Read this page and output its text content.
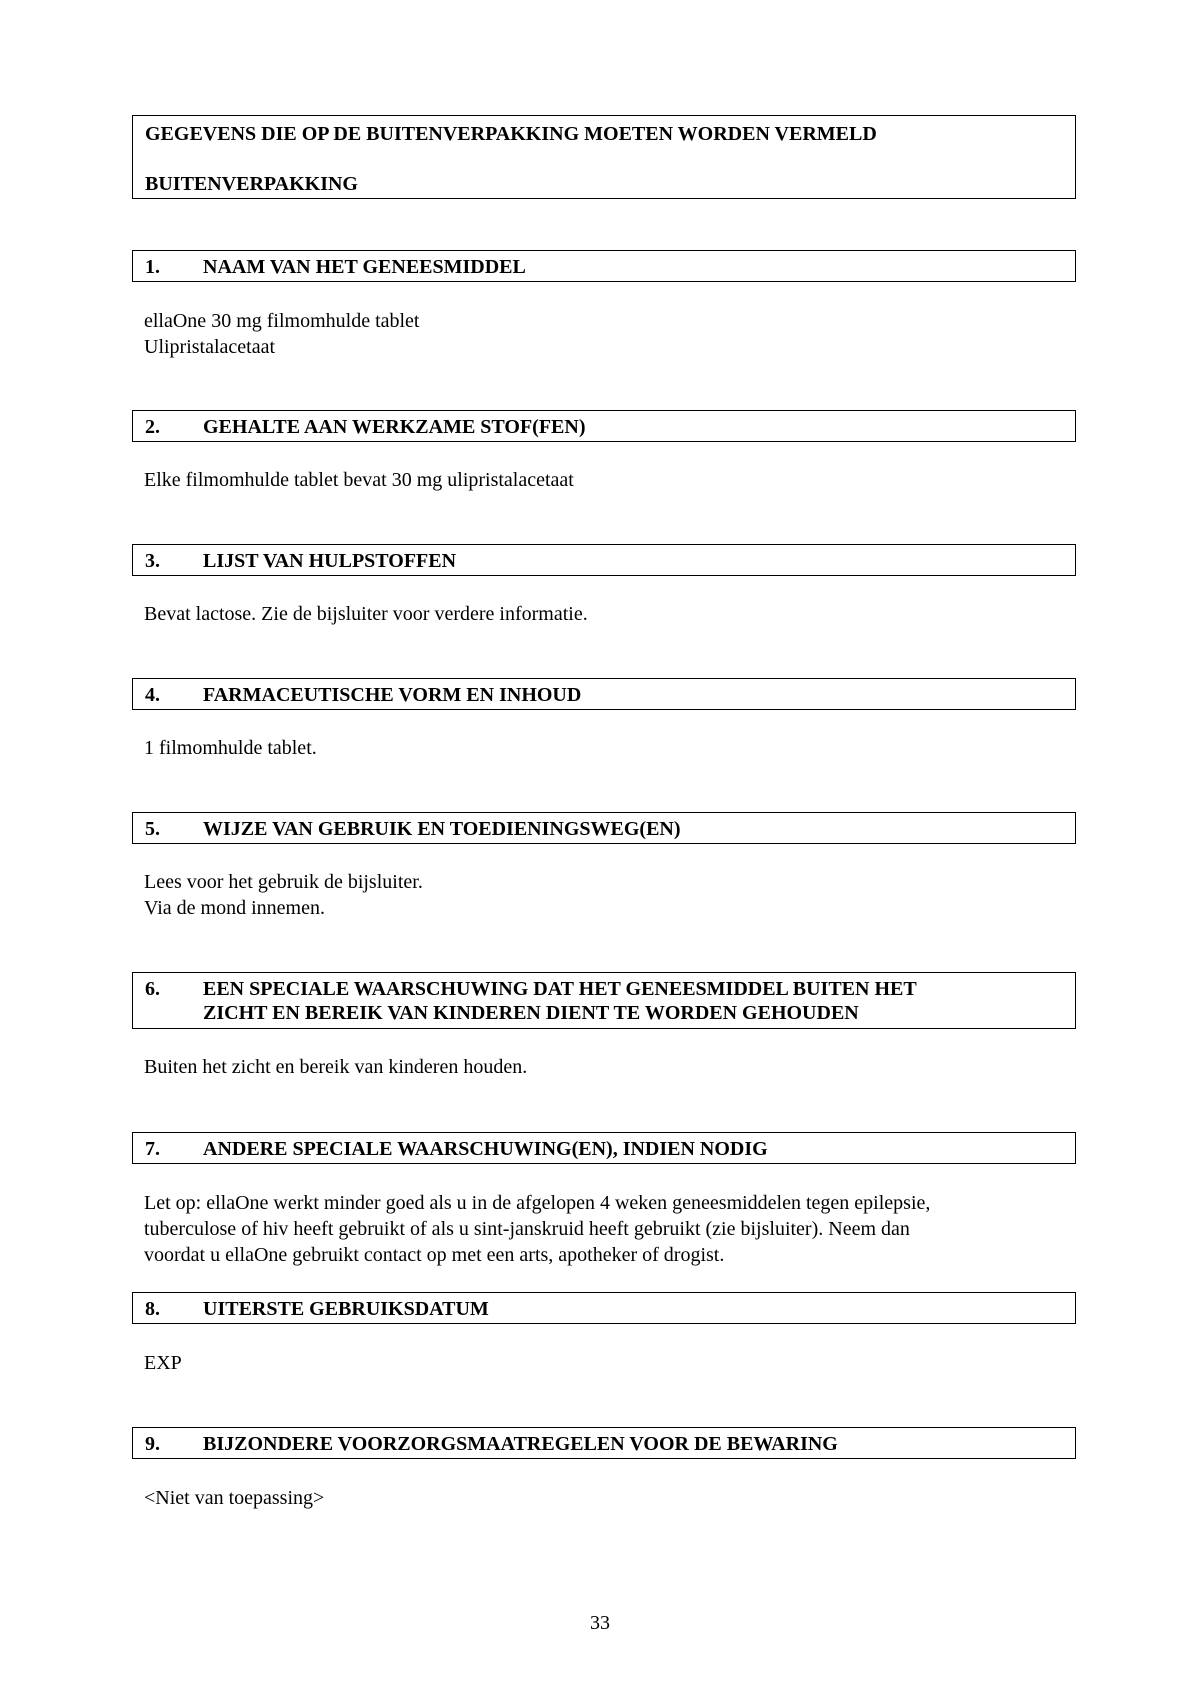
GEGEVENS DIE OP DE BUITENVERPAKKING MOETEN WORDEN VERMELD
BUITENVERPAKKING
1. NAAM VAN HET GENEESMIDDEL

ellaOne 30 mg filmomhulde tablet

Ulipristalacetaat

2. GEHALTE AAN WERKZAME STOF(FEN)

Elke filmomhulde tablet bevat 30 mg ulipristalacetaat

3. LIJST VAN HULPSTOFFEN

Bevat lactose. Zie de bijsluiter voor verdere informatie.

4. FARMACEUTISCHE VORM EN INHOUD

1 filmomhulde tablet.

5. WIJZE VAN GEBRUIK EN TOEDIENINGSWEG(EN)

Lees voor het gebruik de bijsluiter.

Via de mond innemen.

6. EEN SPECIALE WAARSCHUWING DAT HET GENEESMIDDEL BUITEN HET
ZICHT EN BEREIK VAN KINDEREN DIENT TE WORDEN GEHOUDEN

Buiten het zicht en bereik van kinderen houden.

7. ANDERE SPECIALE WAARSCHUWING(EN), INDIEN NODIG

Let op: ellaOne werkt minder goed als u in de afgelopen 4 weken geneesmiddelen tegen epilepsie,

tuberculose of hiv heeft gebruikt of als u sint-janskruid heeft gebruikt (zie bijsluiter). Neem dan

voordat u ellaOne gebruikt contact op met een arts, apotheker of drogist.

8. UITERSTE GEBRUIKSDATUM

EXP

9. BIJZONDERE VOORZORGSMAATREGELEN VOOR DE BEWARING

<Niet van toepassing>

33
